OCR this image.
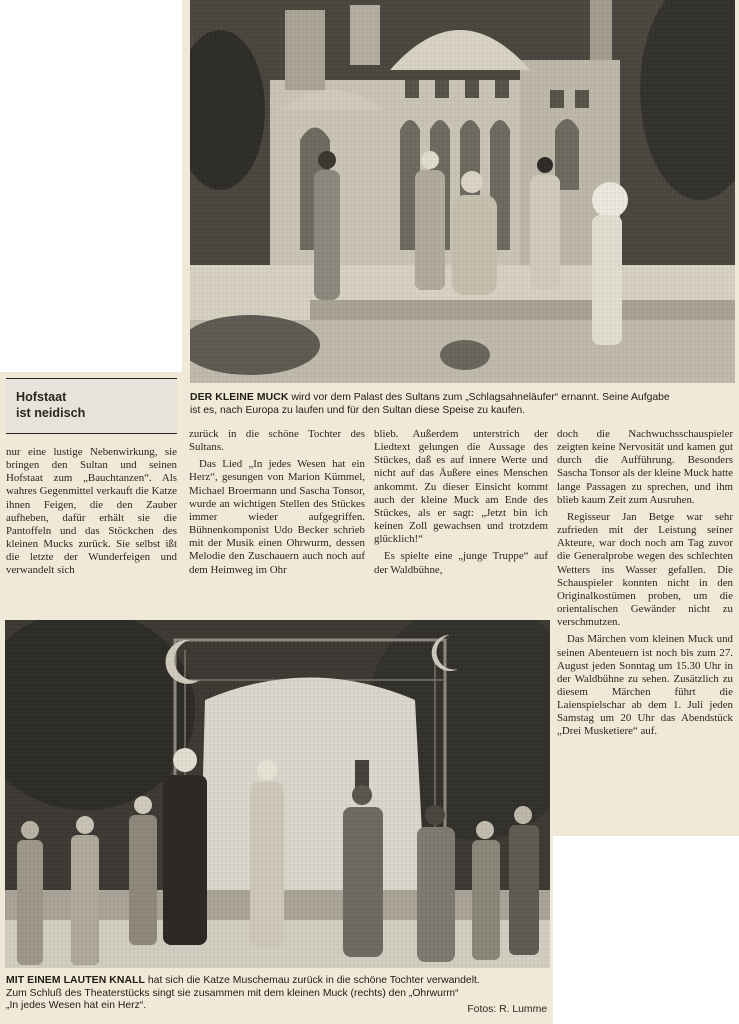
DER KLEINE MUCK wird vor dem Palast des Sultans zum „Schlagsahneläufer“ ernannt. Seine Aufgabe
ist es, nach Europa zu laufen und für den Sultan diese Speise zu kaufen.
Hofstaat
ist neidisch

nur eine lustige Nebenwirkung, sie bringen den Sultan und seinen Hofstaat zum „Bauchtanzen“. Als wahres Gegenmittel verkauft die Katze ihnen Feigen, die den Zauber aufheben, dafür erhält sie die Pantoffeln und das Stöckchen des kleinen Mucks zurück. Sie selbst ißt die letzte der Wunderfeigen und verwandelt sich

zurück in die schöne Tochter des Sultans.

Das Lied „In jedes Wesen hat ein Herz“, gesungen von Marion Kümmel, Michael Broermann und Sascha Tonsor, wurde an wichtigen Stellen des Stückes immer wieder aufgegriffen. Bühnenkomponist Udo Becker schrieb mit der Musik einen Ohrwurm, dessen Melodie den Zuschauern auch noch auf dem Heimweg im Ohr

blieb. Außerdem unterstrich der Liedtext gelungen die Aussage des Stückes, daß es auf innere Werte und nicht auf das Äußere eines Menschen ankommt. Zu dieser Einsicht kommt auch der kleine Muck am Ende des Stückes, als er sagt: „Jetzt bin ich keinen Zoll gewachsen und trotzdem glücklich!“

Es spielte eine „junge Truppe“ auf der Waldbühne,

doch die Nachwuchsschauspieler zeigten keine Nervosität und kamen gut durch die Aufführung. Besonders Sascha Tonsor als der kleine Muck hatte lange Passagen zu sprechen, und ihm blieb kaum Zeit zum Ausruhen.

Regisseur Jan Betge war sehr zufrieden mit der Leistung seiner Akteure, war doch noch am Tag zuvor die Generalprobe wegen des schlechten Wetters ins Wasser gefallen. Die Schauspieler konnten nicht in den Originalkostümen proben, um die orientalischen Gewänder nicht zu verschmutzen.

Das Märchen vom kleinen Muck und seinen Abenteuern ist noch bis zum 27. August jeden Sonntag um 15.30 Uhr in der Waldbühne zu sehen. Zusätzlich zu diesem Märchen führt die Laienspielschar ab dem 1. Juli jeden Samstag um 20 Uhr das Abendstück „Drei Musketiere“ auf.

MIT EINEM LAUTEN KNALL hat sich die Katze Muschemau zurück in die schöne Tochter verwandelt.
Zum Schluß des Theaterstücks singt sie zusammen mit dem kleinen Muck (rechts) den „Ohrwurm“
„In jedes Wesen hat ein Herz“.	Fotos: R. Lumme
